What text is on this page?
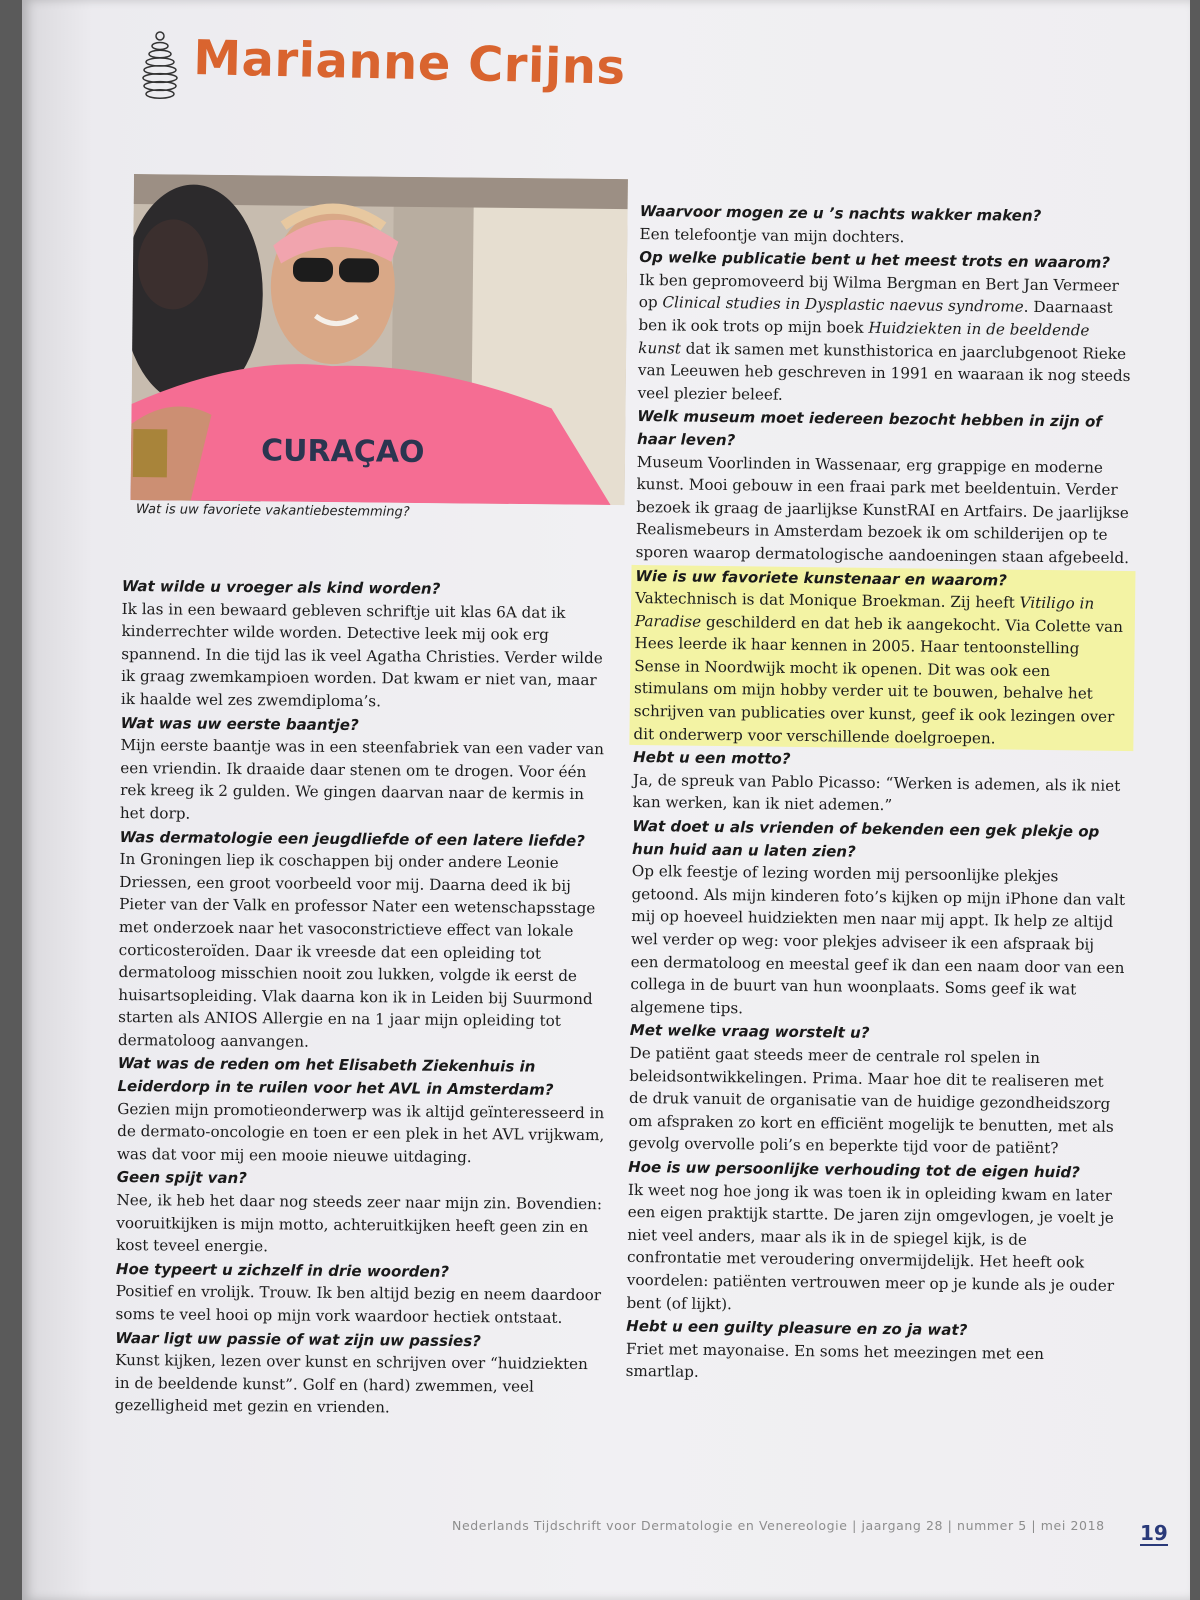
Marianne Crijns
CURAÇAO

Wat is uw favoriete vakantiebestemming?

Wat wilde u vroeger als kind worden?

Ik las in een bewaard gebleven schriftje uit klas 6A dat ik kinderrechter wilde worden. Detective leek mij ook erg spannend. In die tijd las ik veel Agatha Christies. Verder wilde ik graag zwemkampioen worden. Dat kwam er niet van, maar ik haalde wel zes zwemdiploma’s.

Wat was uw eerste baantje?

Mijn eerste baantje was in een steenfabriek van een vader van een vriendin. Ik draaide daar stenen om te drogen. Voor één rek kreeg ik 2 gulden. We gingen daarvan naar de kermis in het dorp.

Was dermatologie een jeugdliefde of een latere liefde?

In Groningen liep ik coschappen bij onder andere Leonie Driessen, een groot voorbeeld voor mij. Daarna deed ik bij Pieter van der Valk en professor Nater een wetenschapsstage met onderzoek naar het vasoconstrictieve effect van lokale corticosteroïden. Daar ik vreesde dat een opleiding tot dermatoloog misschien nooit zou lukken, volgde ik eerst de huisartsopleiding. Vlak daarna kon ik in Leiden bij Suurmond starten als ANIOS Allergie en na 1 jaar mijn opleiding tot dermatoloog aanvangen.

Wat was de reden om het Elisabeth Ziekenhuis in Leiderdorp in te ruilen voor het AVL in Amsterdam?

Gezien mijn promotieonderwerp was ik altijd geïnteresseerd in de dermato-oncologie en toen er een plek in het AVL vrijkwam, was dat voor mij een mooie nieuwe uitdaging.

Geen spijt van?

Nee, ik heb het daar nog steeds zeer naar mijn zin. Bovendien: vooruitkijken is mijn motto, achteruitkijken heeft geen zin en kost teveel energie.

Hoe typeert u zichzelf in drie woorden?

Positief en vrolijk. Trouw. Ik ben altijd bezig en neem daardoor soms te veel hooi op mijn vork waardoor hectiek ontstaat.

Waar ligt uw passie of wat zijn uw passies?

Kunst kijken, lezen over kunst en schrijven over “huidziekten in de beeldende kunst”. Golf en (hard) zwemmen, veel gezelligheid met gezin en vrienden.

Waarvoor mogen ze u ’s nachts wakker maken?

Een telefoontje van mijn dochters.

Op welke publicatie bent u het meest trots en waarom?

Ik ben gepromoveerd bij Wilma Bergman en Bert Jan Vermeer op Clinical studies in Dysplastic naevus syndrome. Daarnaast ben ik ook trots op mijn boek Huidziekten in de beeldende kunst dat ik samen met kunsthistorica en jaarclubgenoot Rieke van Leeuwen heb geschreven in 1991 en waaraan ik nog steeds veel plezier beleef.

Welk museum moet iedereen bezocht hebben in zijn of haar leven?

Museum Voorlinden in Wassenaar, erg grappige en moderne kunst. Mooi gebouw in een fraai park met beeldentuin. Verder bezoek ik graag de jaarlijkse KunstRAI en Artfairs. De jaarlijkse Realismebeurs in Amsterdam bezoek ik om schilderijen op te sporen waarop dermatologische aandoeningen staan afgebeeld.

Wie is uw favoriete kunstenaar en waarom?

Vaktechnisch is dat Monique Broekman. Zij heeft Vitiligo in Paradise geschilderd en dat heb ik aangekocht. Via Colette van Hees leerde ik haar kennen in 2005. Haar tentoonstelling Sense in Noordwijk mocht ik openen. Dit was ook een stimulans om mijn hobby verder uit te bouwen, behalve het schrijven van publicaties over kunst, geef ik ook lezingen over dit onderwerp voor verschillende doelgroepen.

Hebt u een motto?

Ja, de spreuk van Pablo Picasso: “Werken is ademen, als ik niet kan werken, kan ik niet ademen.”

Wat doet u als vrienden of bekenden een gek plekje op hun huid aan u laten zien?

Op elk feestje of lezing worden mij persoonlijke plekjes getoond. Als mijn kinderen foto’s kijken op mijn iPhone dan valt mij op hoeveel huidziekten men naar mij appt. Ik help ze altijd wel verder op weg: voor plekjes adviseer ik een afspraak bij een dermatoloog en meestal geef ik dan een naam door van een collega in de buurt van hun woonplaats. Soms geef ik wat algemene tips.

Met welke vraag worstelt u?

De patiënt gaat steeds meer de centrale rol spelen in beleidsontwikkelingen. Prima. Maar hoe dit te realiseren met de druk vanuit de organisatie van de huidige gezondheidszorg om afspraken zo kort en efficiënt mogelijk te benutten, met als gevolg overvolle poli’s en beperkte tijd voor de patiënt?

Hoe is uw persoonlijke verhouding tot de eigen huid?

Ik weet nog hoe jong ik was toen ik in opleiding kwam en later een eigen praktijk startte. De jaren zijn omgevlogen, je voelt je niet veel anders, maar als ik in de spiegel kijk, is de confrontatie met veroudering onvermijdelijk. Het heeft ook voordelen: patiënten vertrouwen meer op je kunde als je ouder bent (of lijkt).

Hebt u een guilty pleasure en zo ja wat?

Friet met mayonaise. En soms het meezingen met een smartlap.

Nederlands Tijdschrift voor Dermatologie en Venereologie | jaargang 28 | nummer 5 | mei 2018 19
